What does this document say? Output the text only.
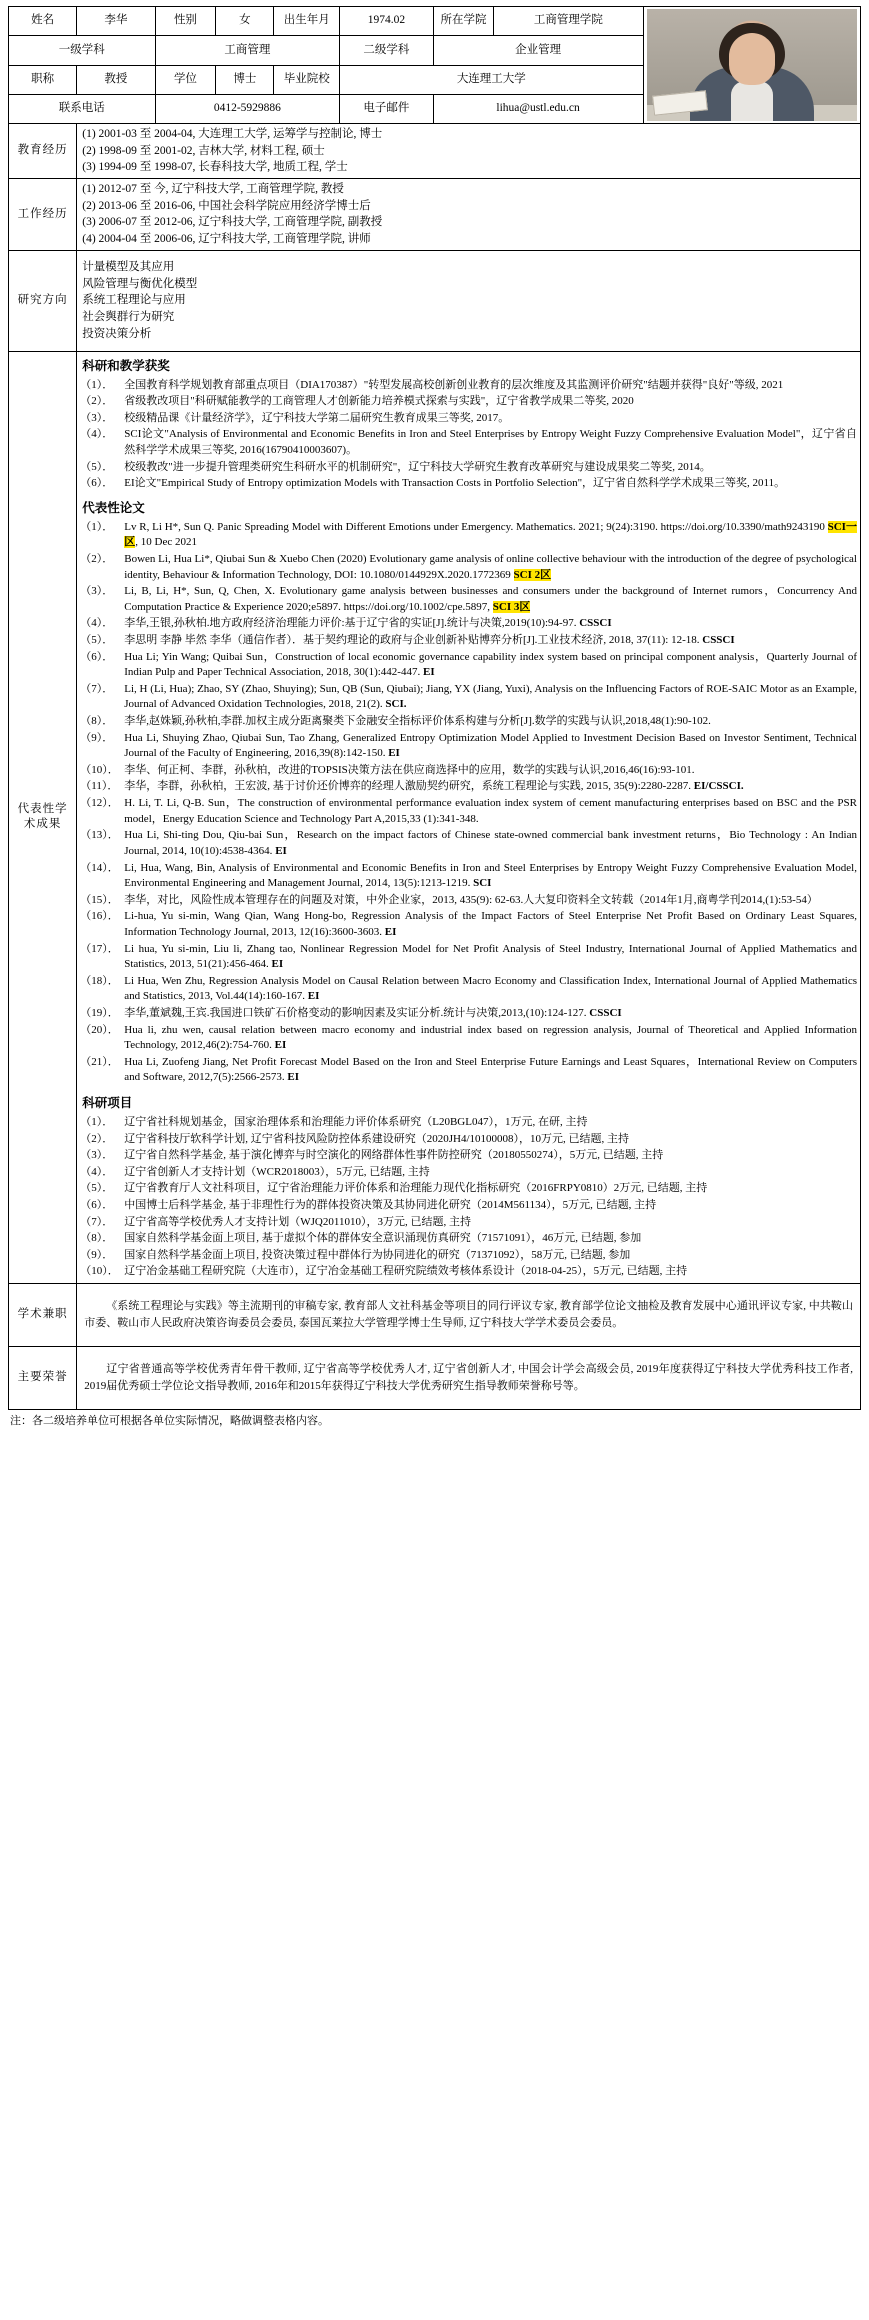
姓名	李华	性别	女	出生年月	1974.02	所在学院	工商管理学院	

一级学科		工商管理			二级学科	企业管理		
职称	教授	学位	博士	毕业院校	大连理工大学			
联系电话		0412-5929886			电子邮件	lihua@ustl.edu.cn		
教育经历	(1) 2001-03 至 2004-04, 大连理工大学, 运筹学与控制论, 博士
(2) 1998-09 至 2001-02, 吉林大学, 材料工程, 硕士
(3) 1994-09 至 1998-07, 长春科技大学, 地质工程, 学士							

工作经历	(1) 2012-07 至 今, 辽宁科技大学, 工商管理学院, 教授
(2) 2013-06 至 2016-06, 中国社会科学院应用经济学博士后
(3) 2006-07 至 2012-06, 辽宁科技大学, 工商管理学院, 副教授
(4) 2004-04 至 2006-06, 辽宁科技大学, 工商管理学院, 讲师							

研究方向	计量模型及其应用
风险管理与衡优化模型
系统工程理论与应用
社会舆群行为研究
投资决策分析							

代表性学术成果	
科研和教学获奖
（1）．	全国教育科学规划教育部重点项目（DIA170387）"转型发展高校创新创业教育的层次维度及其监测评价研究"结题并获得"良好"等级, 2021
（2）．	省级教改项目"科研赋能教学的工商管理人才创新能力培养模式探索与实践"，辽宁省教学成果二等奖, 2020
（3）．	校级精品课《计量经济学》，辽宁科技大学第二届研究生教育成果三等奖, 2017。
（4）．	SCI论文"Analysis of Environmental and Economic Benefits in Iron and Steel Enterprises by Entropy Weight Fuzzy Comprehensive Evaluation Model"，辽宁省自然科学学术成果三等奖, 2016(16790410003607)。
（5）．	校级教改"进一步提升管理类研究生科研水平的机制研究"，辽宁科技大学研究生教育改革研究与建设成果奖二等奖, 2014。
（6）．	EI论文"Empirical Study of Entropy optimization Models with Transaction Costs in Portfolio Selection"，辽宁省自然科学学术成果三等奖, 2011。
代表性论文
（1）．	Lv R, Li H*, Sun Q. Panic Spreading Model with Different Emotions under Emergency. Mathematics. 2021; 9(24):3190. https://doi.org/10.3390/math9243190 SCI一区, 10 Dec 2021
（2）．	Bowen Li, Hua Li*, Qiubai Sun & Xuebo Chen (2020) Evolutionary game analysis of online collective behaviour with the introduction of the degree of psychological identity, Behaviour & Information Technology, DOI: 10.1080/0144929X.2020.1772369 SCI 2区
（3）．	Li, B, Li, H*, Sun, Q, Chen, X. Evolutionary game analysis between businesses and consumers under the background of Internet rumors，Concurrency And Computation Practice & Experience 2020;e5897. https://doi.org/10.1002/cpe.5897, SCI 3区
（4）．	李华,王银,孙秋柏.地方政府经济治理能力评价:基于辽宁省的实证[J].统计与决策,2019(10):94-97. CSSCI
（5）．	李思明 李静 毕然 李华（通信作者）．基于契约理论的政府与企业创新补贴博弈分析[J].工业技术经济, 2018, 37(11): 12-18. CSSCI
（6）．	Hua Li; Yin Wang; Quibai Sun，Construction of local economic governance capability index system based on principal component analysis，Quarterly Journal of Indian Pulp and Paper Technical Association, 2018, 30(1):442-447. EI
（7）．	Li, H (Li, Hua); Zhao, SY (Zhao, Shuying); Sun, QB (Sun, Qiubai); Jiang, YX (Jiang, Yuxi), Analysis on the Influencing Factors of ROE-SAIC Motor as an Example, Journal of Advanced Oxidation Technologies, 2018, 21(2). SCI.
（8）．	李华,赵姝颖,孙秋柏,李群.加权主成分距离聚类下金融安全指标评价体系构建与分析[J].数学的实践与认识,2018,48(1):90-102.
（9）．	Hua Li, Shuying Zhao, Qiubai Sun, Tao Zhang, Generalized Entropy Optimization Model Applied to Investment Decision Based on Investor Sentiment, Technical Journal of the Faculty of Engineering, 2016,39(8):142-150. EI
（10）． 李华、何正柯、李群，孙秋柏，改进的TOPSIS决策方法在供应商选择中的应用，数学的实践与认识,2016,46(16):93-101.
（11）． 李华，李群，孙秋柏，王宏波, 基于讨价还价博弈的经理人激励契约研究，系统工程理论与实践, 2015, 35(9):2280-2287. EI/CSSCI.
（12）． H. Li, T. Li, Q-B. Sun，The construction of environmental performance evaluation index system of cement manufacturing enterprises based on BSC and the PSR model，Energy Education Science and Technology Part A,2015,33 (1):341-348.
（13）． Hua Li, Shi-ting Dou, Qiu-bai Sun，Research on the impact factors of Chinese state-owned commercial bank investment returns，Bio Technology : An Indian Journal, 2014, 10(10):4538-4364. EI
（14）． Li, Hua, Wang, Bin, Analysis of Environmental and Economic Benefits in Iron and Steel Enterprises by Entropy Weight Fuzzy Comprehensive Evaluation Model, Environmental Engineering and Management Journal, 2014, 13(5):1213-1219. SCI
（15）． 李华，对比，风险性成本管理存在的问题及对策，中外企业家，2013, 435(9): 62-63.人大复印资料全文转载（2014年1月,商粤学刊2014,(1):53-54）
（16）． Li-hua, Yu si-min, Wang Qian, Wang Hong-bo, Regression Analysis of the Impact Factors of Steel Enterprise Net Profit Based on Ordinary Least Squares, Information Technology Journal, 2013, 12(16):3600-3603. EI
（17）． Li hua, Yu si-min, Liu li, Zhang tao, Nonlinear Regression Model for Net Profit Analysis of Steel Industry, International Journal of Applied Mathematics and Statistics, 2013, 51(21):456-464. EI
（18）． Li Hua, Wen Zhu, Regression Analysis Model on Causal Relation between Macro Economy and Classification Index, International Journal of Applied Mathematics and Statistics, 2013, Vol.44(14):160-167. EI
（19）． 李华,董斌魏,王宾.我国进口铁矿石价格变动的影响因素及实证分析.统计与决策,2013,(10):124-127. CSSCI
（20）． Hua li, zhu wen, causal relation between macro economy and industrial index based on regression analysis, Journal of Theoretical and Applied Information Technology, 2012,46(2):754-760. EI
（21）． Hua Li, Zuofeng Jiang, Net Profit Forecast Model Based on the Iron and Steel Enterprise Future Earnings and Least Squares，International Review on Computers and Software, 2012,7(5):2566-2573. EI
科研项目
（1）．	辽宁省社科规划基金，国家治理体系和治理能力评价体系研究（L20BGL047），1万元, 在研, 主持
（2）．	辽宁省科技厅软科学计划, 辽宁省科技风险防控体系建设研究（2020JH4/10100008），10万元, 已结题, 主持
（3）．	辽宁省自然科学基金, 基于演化博弈与时空演化的网络群体性事件防控研究（20180550274），5万元, 已结题, 主持
（4）．	辽宁省创新人才支持计划（WCR2018003），5万元, 已结题, 主持
（5）．	辽宁省教育厅人文社科项目，辽宁省治理能力评价体系和治理能力现代化指标研究（2016FRPY0810）2万元, 已结题, 主持
（6）．	中国博士后科学基金, 基于非理性行为的群体投资决策及其协同进化研究（2014M561134），5万元, 已结题, 主持
（7）．	辽宁省高等学校优秀人才支持计划（WJQ2011010），3万元, 已结题, 主持
（8）．	国家自然科学基金面上项目, 基于虚拟个体的群体安全意识涌现仿真研究（71571091），46万元, 已结题, 参加
（9）．	国家自然科学基金面上项目, 投资决策过程中群体行为协同进化的研究（71371092），58万元, 已结题, 参加
（10）． 辽宁冶金基础工程研究院（大连市），辽宁冶金基础工程研究院绩效考核体系设计（2018-04-25），5万元, 已结题, 主持

学术兼职	《系统工程理论与实践》等主流期刊的审稿专家, 教育部人文社科基金等项目的同行评议专家, 教育部学位论文抽检及教育发展中心通讯评议专家, 中共鞍山市委、鞍山市人民政府决策咨询委员会委员, 泰国瓦莱拉大学管理学博士生导师, 辽宁科技大学学术委员会委员。							

主要荣誉	辽宁省普通高等学校优秀青年骨干教师, 辽宁省高等学校优秀人才, 辽宁省创新人才, 中国会计学会高级会员, 2019年度获得辽宁科技大学优秀科技工作者, 2019届优秀硕士学位论文指导教师, 2016年和2015年获得辽宁科技大学优秀研究生指导教师荣誉称号等。							
注：各二级培养单位可根据各单位实际情况，略做调整表格内容。
